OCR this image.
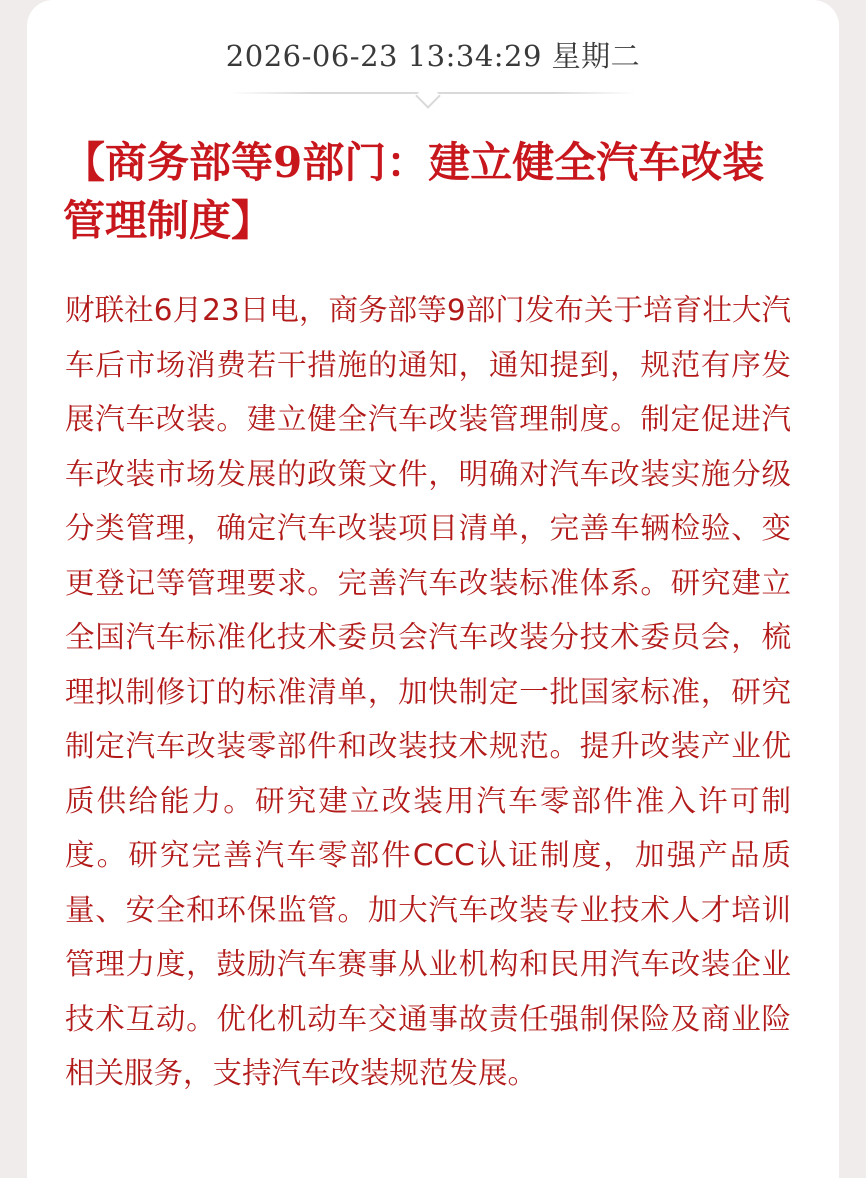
2026-06-23 13:34:29 星期二
【商务部等9部门：建立健全汽车改装管理制度】

财联社6月23日电，商务部等9部门发布关于培育壮大汽车后市场消费若干措施的通知，通知提到，规范有序发展汽车改装。建立健全汽车改装管理制度。制定促进汽车改装市场发展的政策文件，明确对汽车改装实施分级分类管理，确定汽车改装项目清单，完善车辆检验、变更登记等管理要求。完善汽车改装标准体系。研究建立全国汽车标准化技术委员会汽车改装分技术委员会，梳理拟制修订的标准清单，加快制定一批国家标准，研究制定汽车改装零部件和改装技术规范。提升改装产业优质供给能力。研究建立改装用汽车零部件准入许可制度。研究完善汽车零部件CCC认证制度，加强产品质量、安全和环保监管。加大汽车改装专业技术人才培训管理力度，鼓励汽车赛事从业机构和民用汽车改装企业技术互动。优化机动车交通事故责任强制保险及商业险相关服务，支持汽车改装规范发展。
